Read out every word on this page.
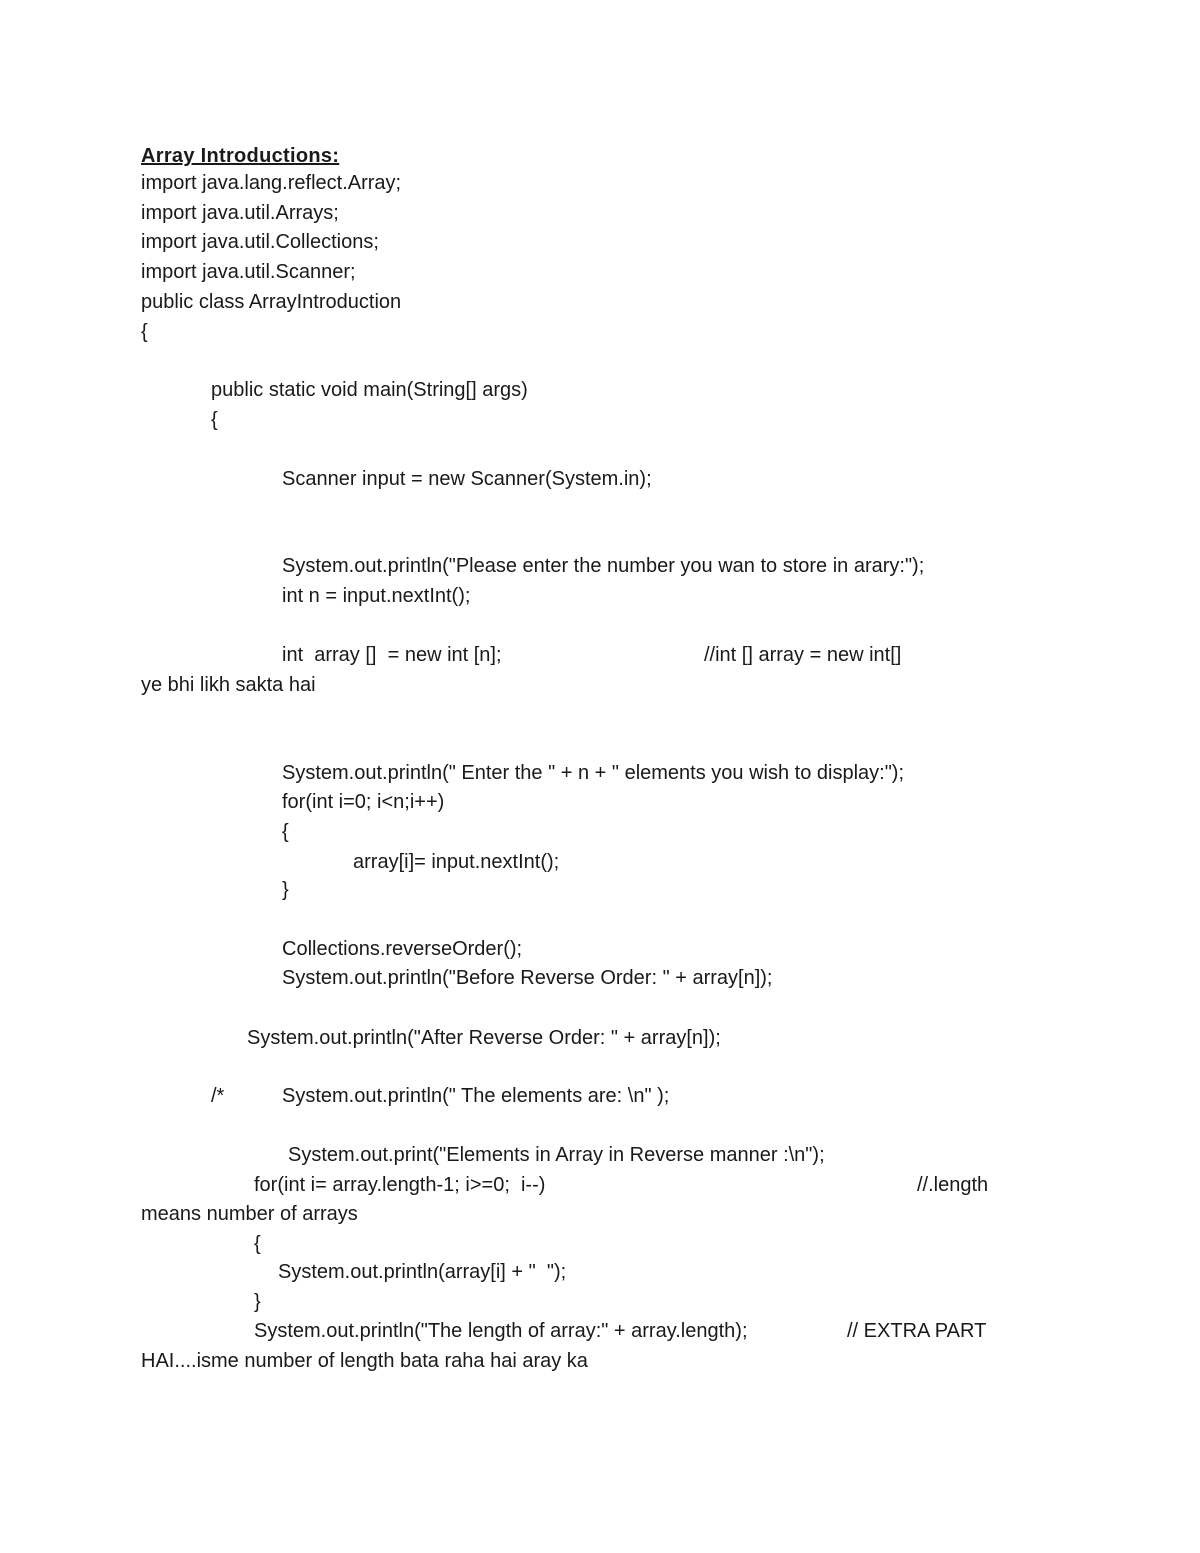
Array Introductions:
import java.lang.reflect.Array;
import java.util.Arrays;
import java.util.Collections;
import java.util.Scanner;
public class ArrayIntroduction
{
public static void main(String[] args)
{
Scanner input = new Scanner(System.in);
System.out.println("Please enter the number you wan to store in arary:");
int n = input.nextInt();
int  array []  = new int [n];	//int [] array = new int[]
ye bhi likh sakta hai
System.out.println(" Enter the " + n + " elements you wish to display:");
for(int i=0; i<n;i++)
{
array[i]= input.nextInt();
}
Collections.reverseOrder();
System.out.println("Before Reverse Order: " + array[n]);
System.out.println("After Reverse Order: " + array[n]);
/*	System.out.println(" The elements are: \n" );
System.out.print("Elements in Array in Reverse manner :\n");
for(int i= array.length-1; i>=0;  i--)	//.length
means number of arrays
{
System.out.println(array[i] + "  ");
}
System.out.println("The length of array:" + array.length);	// EXTRA PART
HAI....isme number of length bata raha hai aray ka
